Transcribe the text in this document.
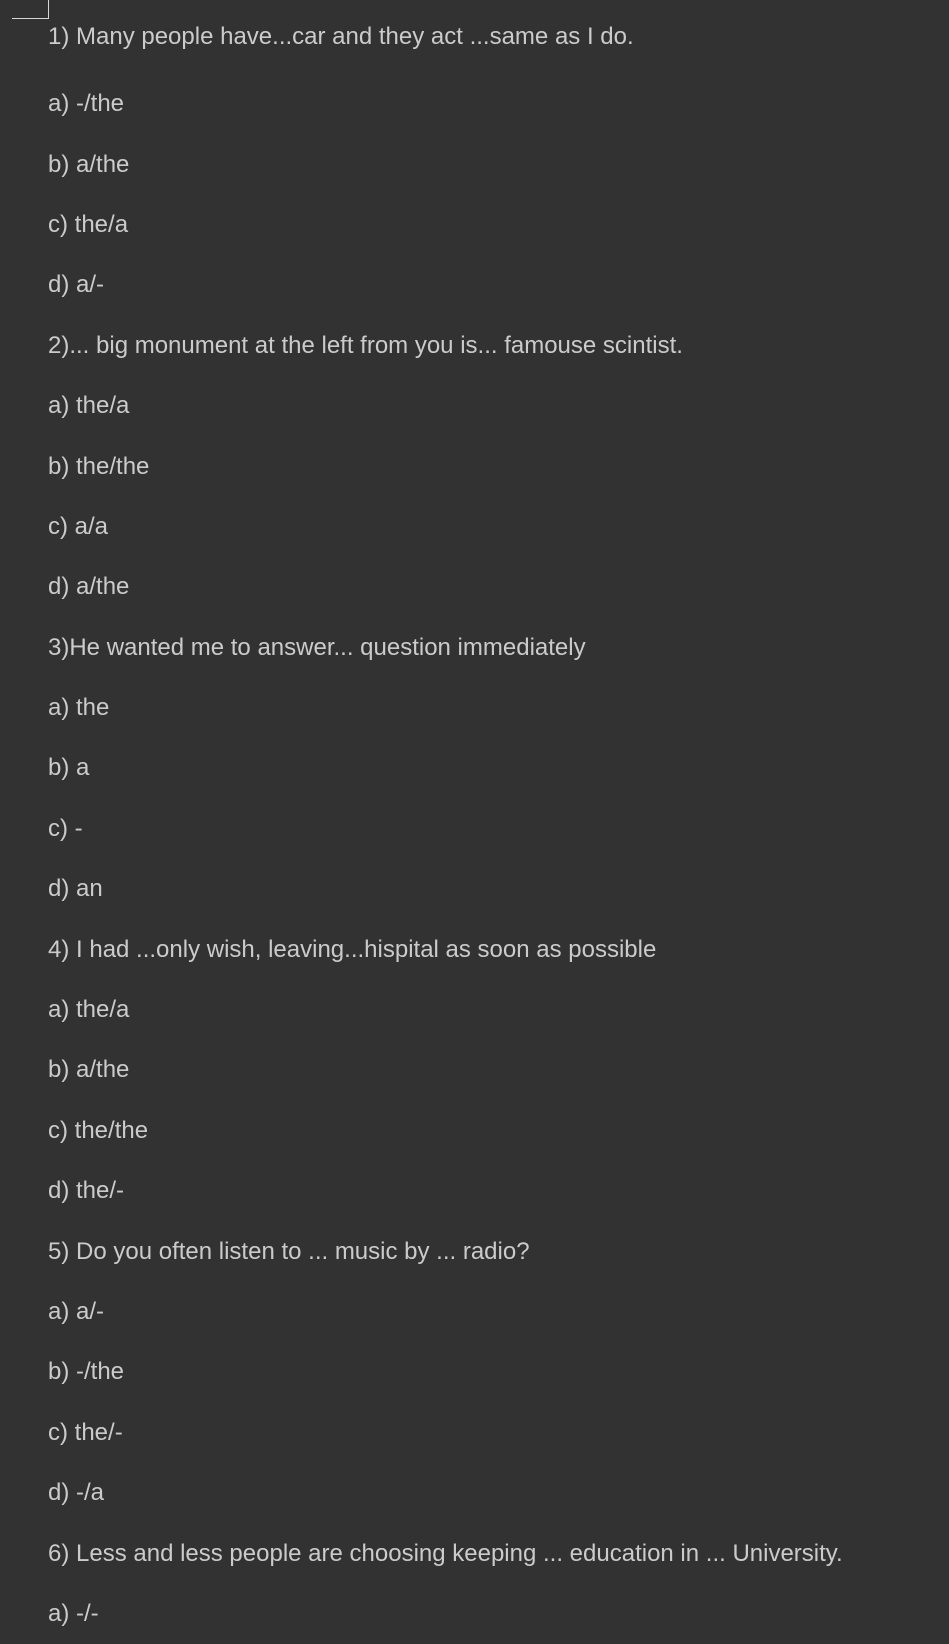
1) Many people have...car and they act ...same as I do.
a) -/the
b) a/the
c) the/a
d) a/-
2)... big monument at the left from you is... famouse scintist.
a) the/a
b) the/the
c) a/a
d) a/the
3)He wanted me to answer... question immediately
a) the
b) a
c) -
d) an
4) I had ...only wish, leaving...hispital as soon as possible
a) the/a
b) a/the
c) the/the
d) the/-
5) Do you often listen to ... music by ... radio?
a) a/-
b) -/the
c) the/-
d) -/a
6) Less and less people are choosing keeping ... education in ... University.
a) -/-
